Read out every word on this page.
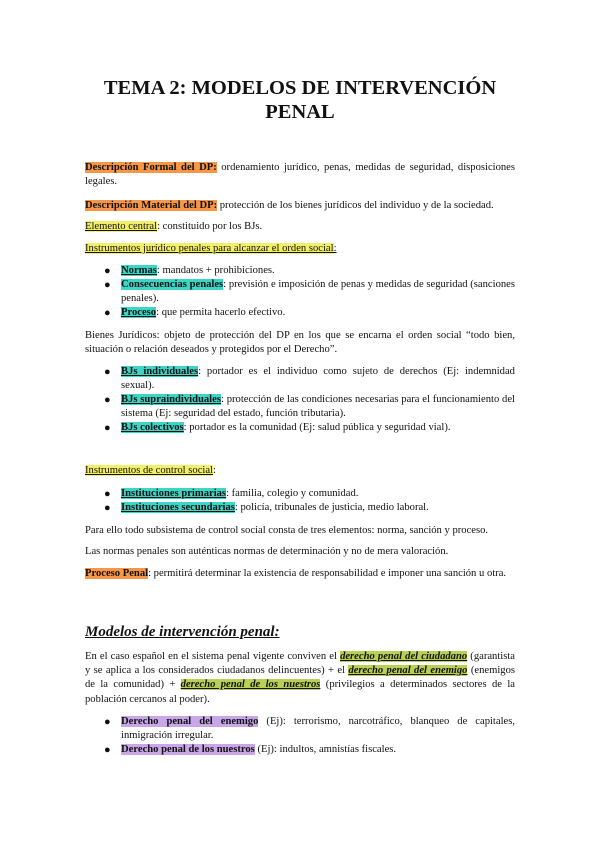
TEMA 2: MODELOS DE INTERVENCIÓN
PENAL
Descripción Formal del DP: ordenamiento jurídico, penas, medidas de seguridad, disposiciones legales.
Descripción Material del DP: protección de los bienes jurídicos del individuo y de la sociedad.
Elemento central: constituido por los BJs.
Instrumentos jurídico penales para alcanzar el orden social:
● Normas: mandatos + prohibiciones.
● Consecuencias penales: previsión e imposición de penas y medidas de seguridad (sanciones penales).
● Proceso: que permita hacerlo efectivo.
Bienes Jurídicos: objeto de protección del DP en los que se encarna el orden social “todo bien, situación o relación deseados y protegidos por el Derecho”.
● BJs individuales: portador es el individuo como sujeto de derechos (Ej: indemnidad sexual).
● BJs supraindividuales: protección de las condiciones necesarias para el funcionamiento del sistema (Ej: seguridad del estado, función tributaria).
● BJs colectivos: portador es la comunidad (Ej: salud pública y seguridad vial).
Instrumentos de control social:
● Instituciones primarias: familia, colegio y comunidad.
● Instituciones secundarias: policía, tribunales de justicia, medio laboral.
Para ello todo subsistema de control social consta de tres elementos: norma, sanción y proceso.
Las normas penales son auténticas normas de determinación y no de mera valoración.
Proceso Penal: permitirá determinar la existencia de responsabilidad e imponer una sanción u otra.
Modelos de intervención penal:
En el caso español en el sistema penal vigente conviven el derecho penal del ciudadano (garantista y se aplica a los considerados ciudadanos delincuentes) + el derecho penal del enemigo (enemigos de la comunidad) + derecho penal de los nuestros (privilegios a determinados sectores de la población cercanos al poder).
● Derecho penal del enemigo (Ej): terrorismo, narcotráfico, blanqueo de capitales, inmigración irregular.
● Derecho penal de los nuestros (Ej): indultos, amnistías fiscales.
